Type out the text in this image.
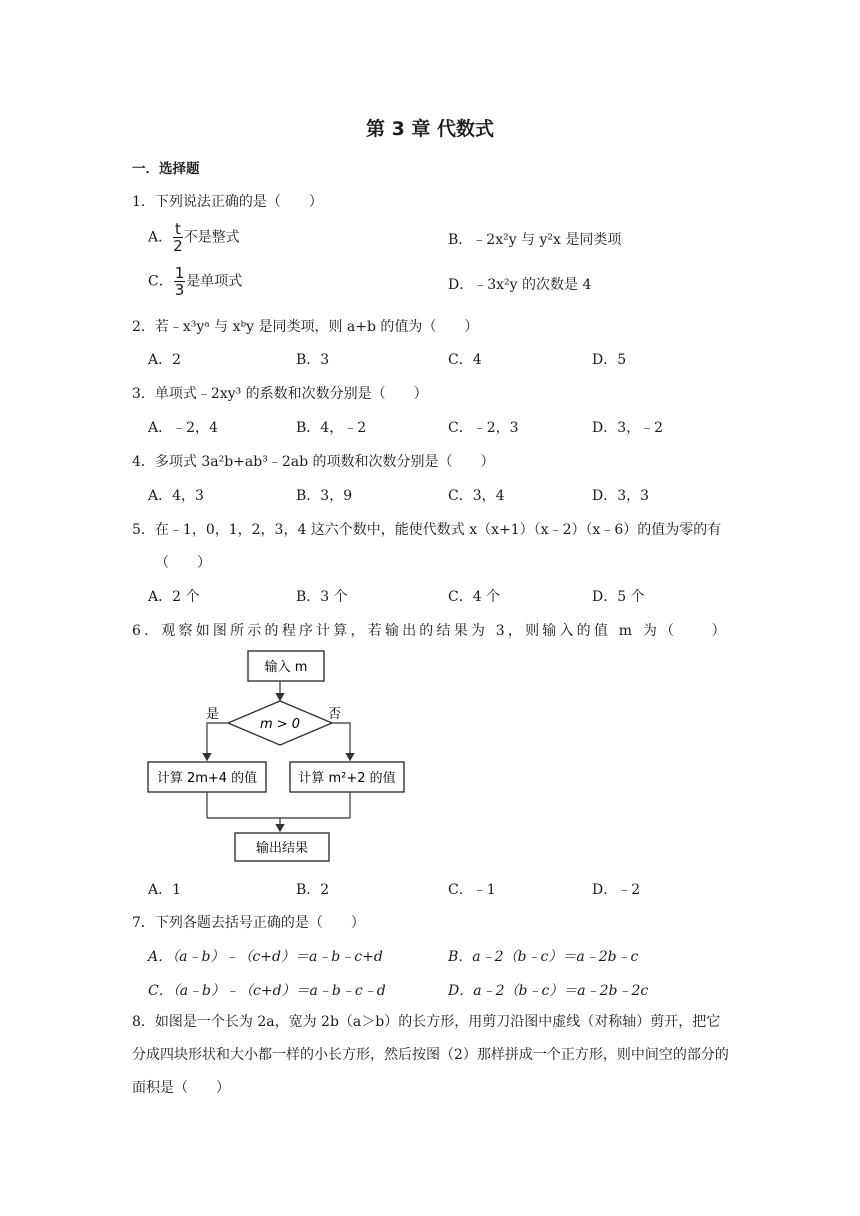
第 3 章 代数式
一．选择题
1．下列说法正确的是（　　）
A． $\frac{t}{2}$ 不是整式	B．﹣2x²y 与 y²x 是同类项
C． $\frac{1}{3}$ 是单项式	D．﹣3x²y 的次数是 4
2．若﹣x³yᵃ 与 xᵇy 是同类项，则 a+b 的值为（　　）
A．2	B．3	C．4	D．5
3．单项式﹣2xy³ 的系数和次数分别是（　　）
A．﹣2，4	B．4，﹣2	C．﹣2，3	D．3，﹣2
4．多项式 3a²b+ab³﹣2ab 的项数和次数分别是（　　）
A．4，3	B．3，9	C．3，4	D．3，3
5．在﹣1，0，1，2，3，4 这六个数中，能使代数式 x（x+1）（x﹣2）（x﹣6）的值为零的有
（　　）
A．2 个	B．3 个	C．4 个	D．5 个
6．观察如图所示的程序计算，若输出的结果为 3，则输入的值 m 为（　　）
输入 m
m > 0
是	否
计算 2m+4 的值	计算 m²+2 的值
输出结果
A．1	B．2	C．﹣1	D．﹣2
7．下列各题去括号正确的是（　　）
A．（a﹣b）﹣（c+d）＝a﹣b﹣c+d	B．a﹣2（b﹣c）＝a﹣2b﹣c
C．（a﹣b）﹣（c+d）＝a﹣b﹣c﹣d	D．a﹣2（b﹣c）＝a﹣2b﹣2c
8．如图是一个长为 2a，宽为 2b（a＞b）的长方形，用剪刀沿图中虚线（对称轴）剪开，把它分成四块形状和大小都一样的小长方形，然后按图（2）那样拼成一个正方形，则中间空的部分的面积是（　　）
